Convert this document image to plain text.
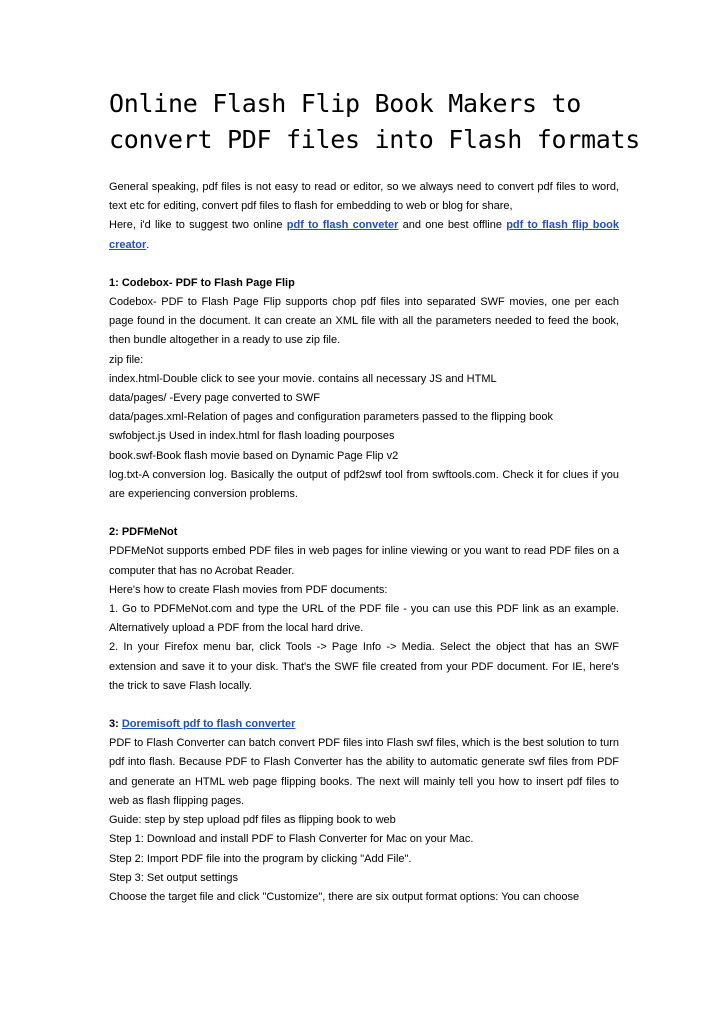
Online Flash Flip Book Makers to
convert PDF files into Flash formats

General speaking, pdf files is not easy to read or editor, so we always need to convert pdf files to word, text etc for editing, convert pdf files to flash for embedding to web or blog for share,

Here, i'd like to suggest two online pdf to flash conveter and one best offline pdf to flash flip book creator.

1: Codebox- PDF to Flash Page Flip

Codebox- PDF to Flash Page Flip supports chop pdf files into separated SWF movies, one per each page found in the document. It can create an XML file with all the parameters needed to feed the book, then bundle altogether in a ready to use zip file.

zip file:

index.html-Double click to see your movie. contains all necessary JS and HTML

data/pages/ -Every page converted to SWF

data/pages.xml-Relation of pages and configuration parameters passed to the flipping book

swfobject.js Used in index.html for flash loading pourposes

book.swf-Book flash movie based on Dynamic Page Flip v2

log.txt-A conversion log. Basically the output of pdf2swf tool from swftools.com. Check it for clues if you are experiencing conversion problems.

2: PDFMeNot

PDFMeNot supports embed PDF files in web pages for inline viewing or you want to read PDF files on a computer that has no Acrobat Reader.

Here's how to create Flash movies from PDF documents:

1. Go to PDFMeNot.com and type the URL of the PDF file - you can use this PDF link as an example. Alternatively upload a PDF from the local hard drive.

2. In your Firefox menu bar, click Tools -> Page Info -> Media. Select the object that has an SWF extension and save it to your disk. That's the SWF file created from your PDF document. For IE, here's the trick to save Flash locally.

3: Doremisoft pdf to flash converter

PDF to Flash Converter can batch convert PDF files into Flash swf files, which is the best solution to turn pdf into flash. Because PDF to Flash Converter has the ability to automatic generate swf files from PDF and generate an HTML web page flipping books. The next will mainly tell you how to insert pdf files to web as flash flipping pages.

Guide: step by step upload pdf files as flipping book to web

Step 1: Download and install PDF to Flash Converter for Mac on your Mac.

Step 2: Import PDF file into the program by clicking "Add File".

Step 3: Set output settings

Choose the target file and click "Customize", there are six output format options: You can choose
